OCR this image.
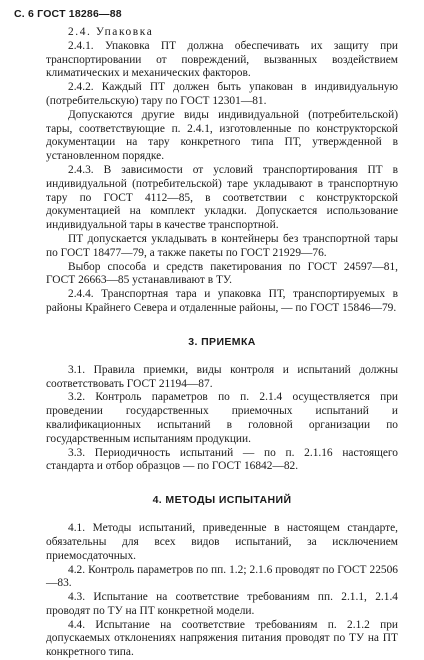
С. 6 ГОСТ 18286—88

2.4. Упаковка

2.4.1. Упаковка ПТ должна обеспечивать их защиту при транспортировании от повреждений, вызванных воздействием климатических и механических факторов.

2.4.2. Каждый ПТ должен быть упакован в индивидуальную (потребительскую) тару по ГОСТ 12301—81.

Допускаются другие виды индивидуальной (потребительской) тары, соответствующие п. 2.4.1, изготовленные по конструкторской документации на тару конкретного типа ПТ, утвержденной в установленном порядке.

2.4.3. В зависимости от условий транспортирования ПТ в индивидуальной (потребительской) таре укладывают в транспортную тару по ГОСТ 4112—85, в соответствии с конструкторской документацией на комплект укладки. Допускается использование индивидуальной тары в качестве транспортной.

ПТ допускается укладывать в контейнеры без транспортной тары по ГОСТ 18477—79, а также пакеты по ГОСТ 21929—76.

Выбор способа и средств пакетирования по ГОСТ 24597—81, ГОСТ 26663—85 устанавливают в ТУ.

2.4.4. Транспортная тара и упаковка ПТ, транспортируемых в районы Крайнего Севера и отдаленные районы, — по ГОСТ 15846—79.

3. ПРИЕМКА

3.1. Правила приемки, виды контроля и испытаний должны соответствовать ГОСТ 21194—87.

3.2. Контроль параметров по п. 2.1.4 осуществляется при проведении государственных приемочных испытаний и квалификационных испытаний в головной организации по государственным испытаниям продукции.

3.3. Периодичность испытаний — по п. 2.1.16 настоящего стандарта и отбор образцов — по ГОСТ 16842—82.

4. МЕТОДЫ ИСПЫТАНИЙ

4.1. Методы испытаний, приведенные в настоящем стандарте, обязательны для всех видов испытаний, за исключением приемосдаточных.

4.2. Контроль параметров по пп. 1.2; 2.1.6 проводят по ГОСТ 22506—83.

4.3. Испытание на соответствие требованиям пп. 2.1.1, 2.1.4 проводят по ТУ на ПТ конкретной модели.

4.4. Испытание на соответствие требованиям п. 2.1.2 при допускаемых отклонениях напряжения питания проводят по ТУ на ПТ конкретного типа.
